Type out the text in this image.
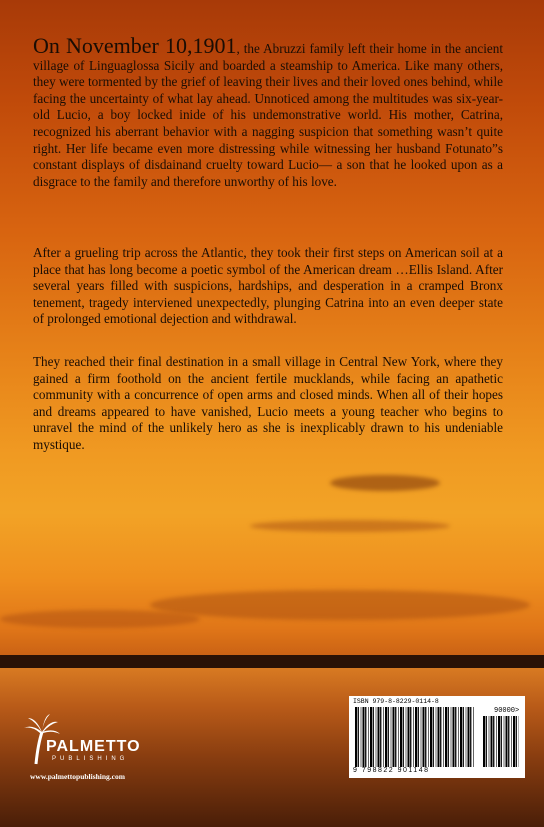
On November 10,1901, the Abruzzi family left their home in the ancient village of Linguaglossa Sicily and boarded a steamship to America. Like many others, they were tormented by the grief of leaving their lives and their loved ones behind, while facing the uncertainty of what lay ahead. Unnoticed among the multitudes was six-year-old Lucio, a boy locked inide of his undemonstrative world. His mother, Catrina, recognized his aberrant behavior with a nagging suspicion that something wasn’t quite right. Her life became even more distressing while witnessing her husband Fotunato”s constant displays of disdainand cruelty toward Lucio— a son that he looked upon as a disgrace to the family and therefore unworthy of his love.
After a grueling trip across the Atlantic, they took their first steps on American soil at a place that has long become a poetic symbol of the American dream …Ellis Island. After several years filled with suspicions, hardships, and desperation in a cramped Bronx tenement, tragedy interviened unexpectedly, plunging Catrina into an even deeper state of prolonged emotional dejection and withdrawal.
They reached their final destination in a small village in Central New York, where they gained a firm foothold on the ancient fertile mucklands, while facing an apathetic community with a concurrence of open arms and closed minds. When all of their hopes and dreams appeared to have vanished, Lucio meets a young teacher who begins to unravel the mind of the unlikely hero as she is inexplicably drawn to his undeniable mystique.
PALMETTO
PUBLISHING
www.palmettopublishing.com
ISBN 979-8-8229-0114-8
90000>
9 798822 901148
